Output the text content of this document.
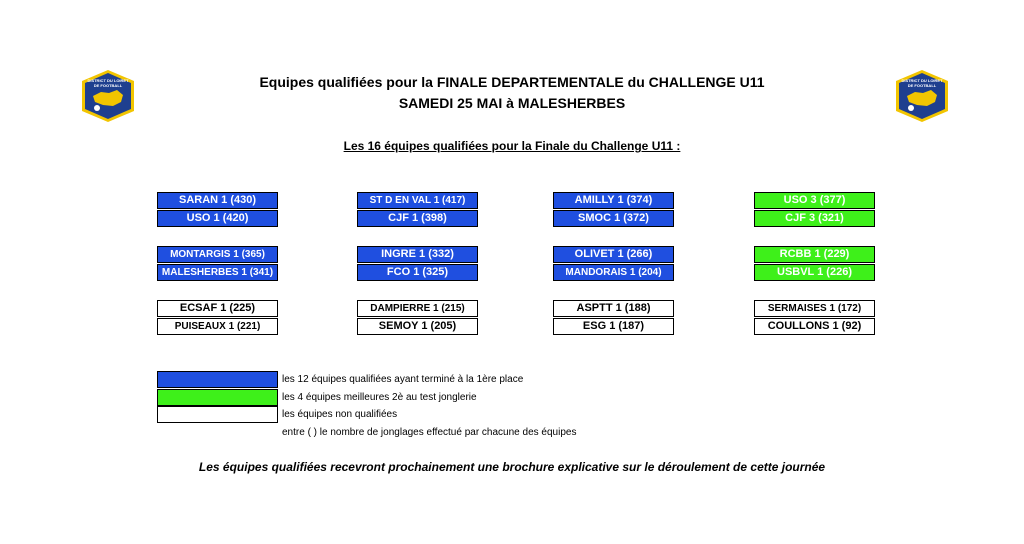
DISTRICT DU LOIRET
DE FOOTBALL
DISTRICT DU LOIRET
DE FOOTBALL
Equipes qualifiées pour la FINALE DEPARTEMENTALE du CHALLENGE U11
SAMEDI 25 MAI à MALESHERBES
Les 16 équipes qualifiées pour la Finale du Challenge U11 :
SARAN 1 (430)
USO 1 (420)
ST D EN VAL 1 (417)
CJF 1 (398)
AMILLY 1 (374)
SMOC 1 (372)
USO 3 (377)
CJF 3 (321)
MONTARGIS 1 (365)
MALESHERBES 1 (341)
INGRE 1 (332)
FCO 1 (325)
OLIVET 1 (266)
MANDORAIS 1 (204)
RCBB 1 (229)
USBVL 1 (226)
ECSAF 1 (225)
PUISEAUX 1 (221)
DAMPIERRE 1 (215)
SEMOY 1 (205)
ASPTT 1 (188)
ESG 1 (187)
SERMAISES 1 (172)
COULLONS 1 (92)
les 12 équipes qualifiées ayant terminé à la 1ère place
les 4 équipes meilleures 2è au test jonglerie
les équipes non qualifiées
entre ( ) le nombre de jonglages effectué par chacune des équipes
Les équipes qualifiées recevront prochainement une brochure explicative sur le déroulement de cette journée
